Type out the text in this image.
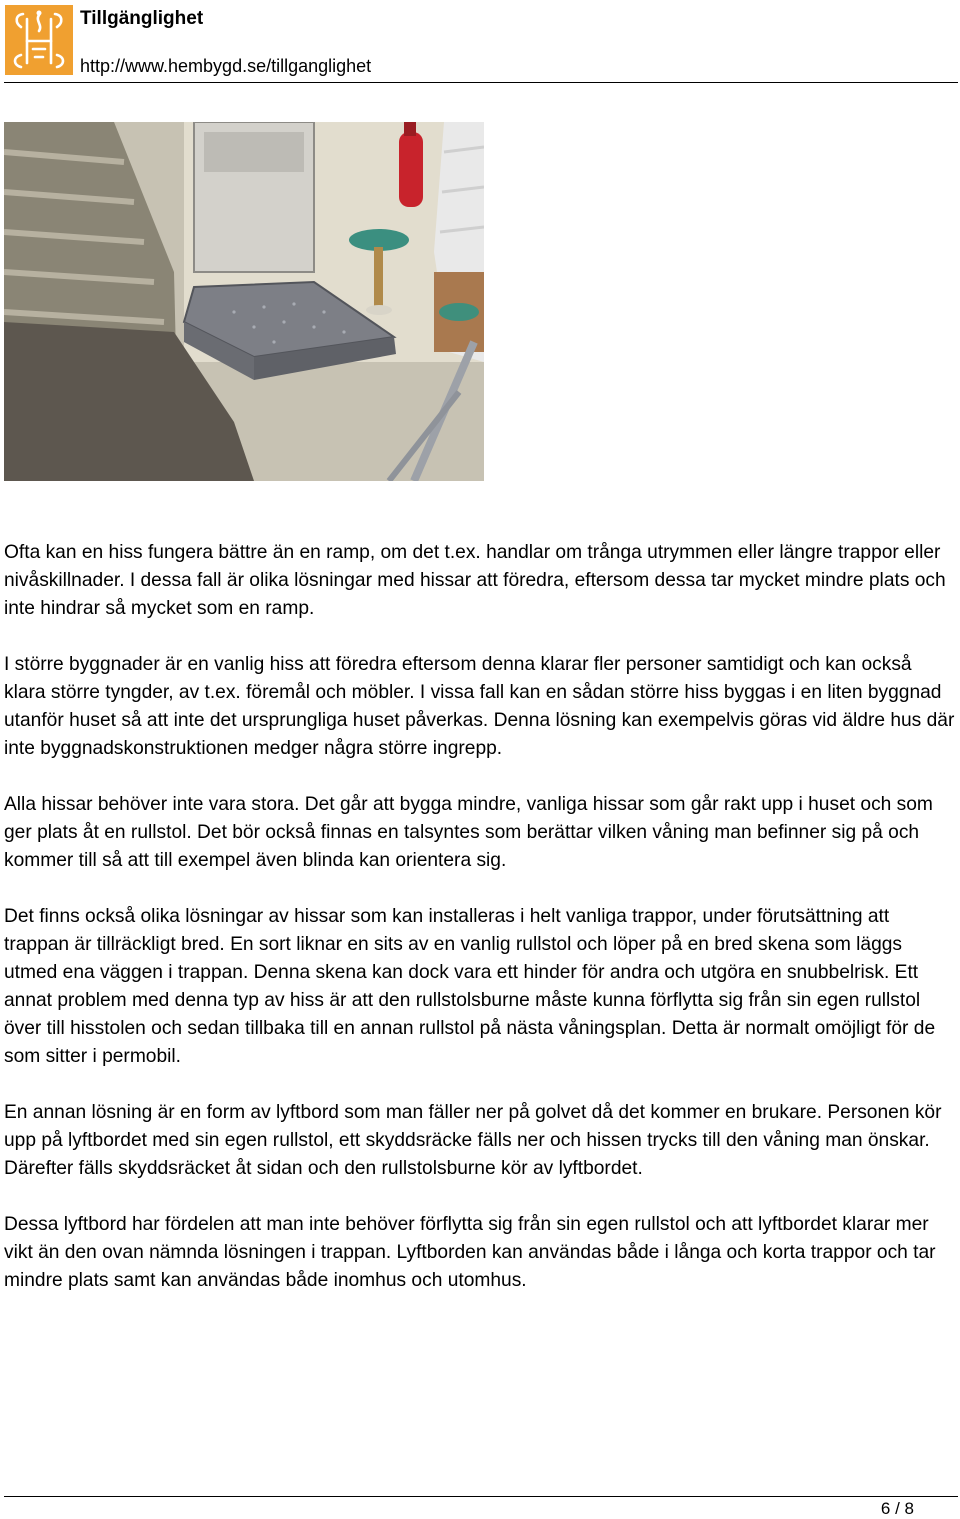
Tillgänglighet
http://www.hembygd.se/tillganglighet

Ofta kan en hiss fungera bättre än en ramp, om det t.ex. handlar om trånga utrymmen eller längre trappor eller nivåskillnader. I dessa fall är olika lösningar med hissar att föredra, eftersom dessa tar mycket mindre plats och inte hindrar så mycket som en ramp.

I större byggnader är en vanlig hiss att föredra eftersom denna klarar fler personer samtidigt och kan också klara större tyngder, av t.ex. föremål och möbler. I vissa fall kan en sådan större hiss byggas i en liten byggnad utanför huset så att inte det ursprungliga huset påverkas. Denna lösning kan exempelvis göras vid äldre hus där inte byggnadskonstruktionen medger några större ingrepp.

Alla hissar behöver inte vara stora. Det går att bygga mindre, vanliga hissar som går rakt upp i huset och som ger plats åt en rullstol. Det bör också finnas en talsyntes som berättar vilken våning man befinner sig på och kommer till så att till exempel även blinda kan orientera sig.

Det finns också olika lösningar av hissar som kan installeras i helt vanliga trappor, under förutsättning att trappan är tillräckligt bred. En sort liknar en sits av en vanlig rullstol och löper på en bred skena som läggs utmed ena väggen i trappan. Denna skena kan dock vara ett hinder för andra och utgöra en snubbelrisk. Ett annat problem med denna typ av hiss är att den rullstolsburne måste kunna förflytta sig från sin egen rullstol över till hisstolen och sedan tillbaka till en annan rullstol på nästa våningsplan. Detta är normalt omöjligt för de som sitter i permobil.

En annan lösning är en form av lyftbord som man fäller ner på golvet då det kommer en brukare. Personen kör upp på lyftbordet med sin egen rullstol, ett skyddsräcke fälls ner och hissen trycks till den våning man önskar. Därefter fälls skyddsräcket åt sidan och den rullstolsburne kör av lyftbordet.

Dessa lyftbord har fördelen att man inte behöver förflytta sig från sin egen rullstol och att lyftbordet klarar mer vikt än den ovan nämnda lösningen i trappan. Lyftborden kan användas både i långa och korta trappor och tar mindre plats samt kan användas både inomhus och utomhus.

6 / 8
